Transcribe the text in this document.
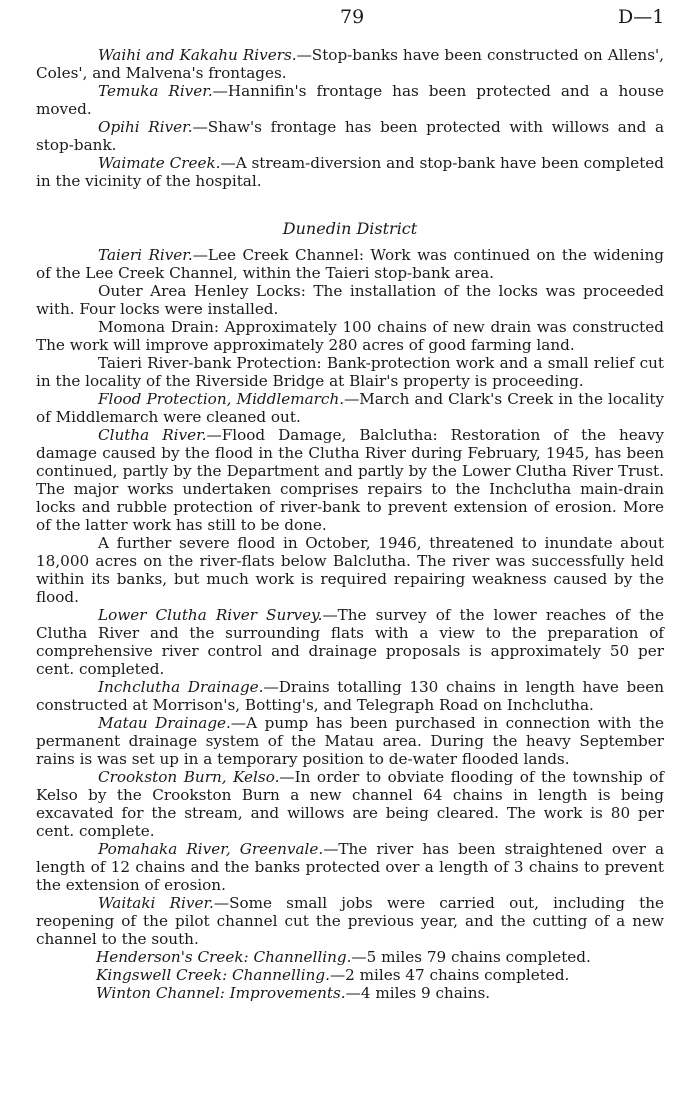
79	D—1

Waihi and Kakahu Rivers.—Stop-banks have been constructed on Allens', Coles', and Malvena's frontages.

Temuka River.—Hannifin's frontage has been protected and a house moved.

Opihi River.—Shaw's frontage has been protected with willows and a stop-bank.

Waimate Creek.—A stream-diversion and stop-bank have been completed in the vicinity of the hospital.

Dunedin District

Taieri River.—Lee Creek Channel: Work was continued on the widening of the Lee Creek Channel, within the Taieri stop-bank area.

Outer Area Henley Locks: The installation of the locks was proceeded with. Four locks were installed.

Momona Drain: Approximately 100 chains of new drain was constructed The work will improve approximately 280 acres of good farming land.

Taieri River-bank Protection: Bank-protection work and a small relief cut in the locality of the Riverside Bridge at Blair's property is proceeding.

Flood Protection, Middlemarch.—March and Clark's Creek in the locality of Middlemarch were cleaned out.

Clutha River.—Flood Damage, Balclutha: Restoration of the heavy damage caused by the flood in the Clutha River during February, 1945, has been continued, partly by the Department and partly by the Lower Clutha River Trust. The major works undertaken comprises repairs to the Inchclutha main-drain locks and rubble protection of river-bank to prevent extension of erosion. More of the latter work has still to be done.

A further severe flood in October, 1946, threatened to inundate about 18,000 acres on the river-flats below Balclutha. The river was successfully held within its banks, but much work is required repairing weakness caused by the flood.

Lower Clutha River Survey.—The survey of the lower reaches of the Clutha River and the surrounding flats with a view to the preparation of comprehensive river control and drainage proposals is approximately 50 per cent. completed.

Inchclutha Drainage.—Drains totalling 130 chains in length have been constructed at Morrison's, Botting's, and Telegraph Road on Inchclutha.

Matau Drainage.—A pump has been purchased in connection with the permanent drainage system of the Matau area. During the heavy September rains is was set up in a temporary position to de-water flooded lands.

Crookston Burn, Kelso.—In order to obviate flooding of the township of Kelso by the Crookston Burn a new channel 64 chains in length is being excavated for the stream, and willows are being cleared. The work is 80 per cent. complete.

Pomahaka River, Greenvale.—The river has been straightened over a length of 12 chains and the banks protected over a length of 3 chains to prevent the extension of erosion.

Waitaki River.—Some small jobs were carried out, including the reopening of the pilot channel cut the previous year, and the cutting of a new channel to the south.

Henderson's Creek: Channelling.—5 miles 79 chains completed.

Kingswell Creek: Channelling.—2 miles 47 chains completed.

Winton Channel: Improvements.—4 miles 9 chains.
